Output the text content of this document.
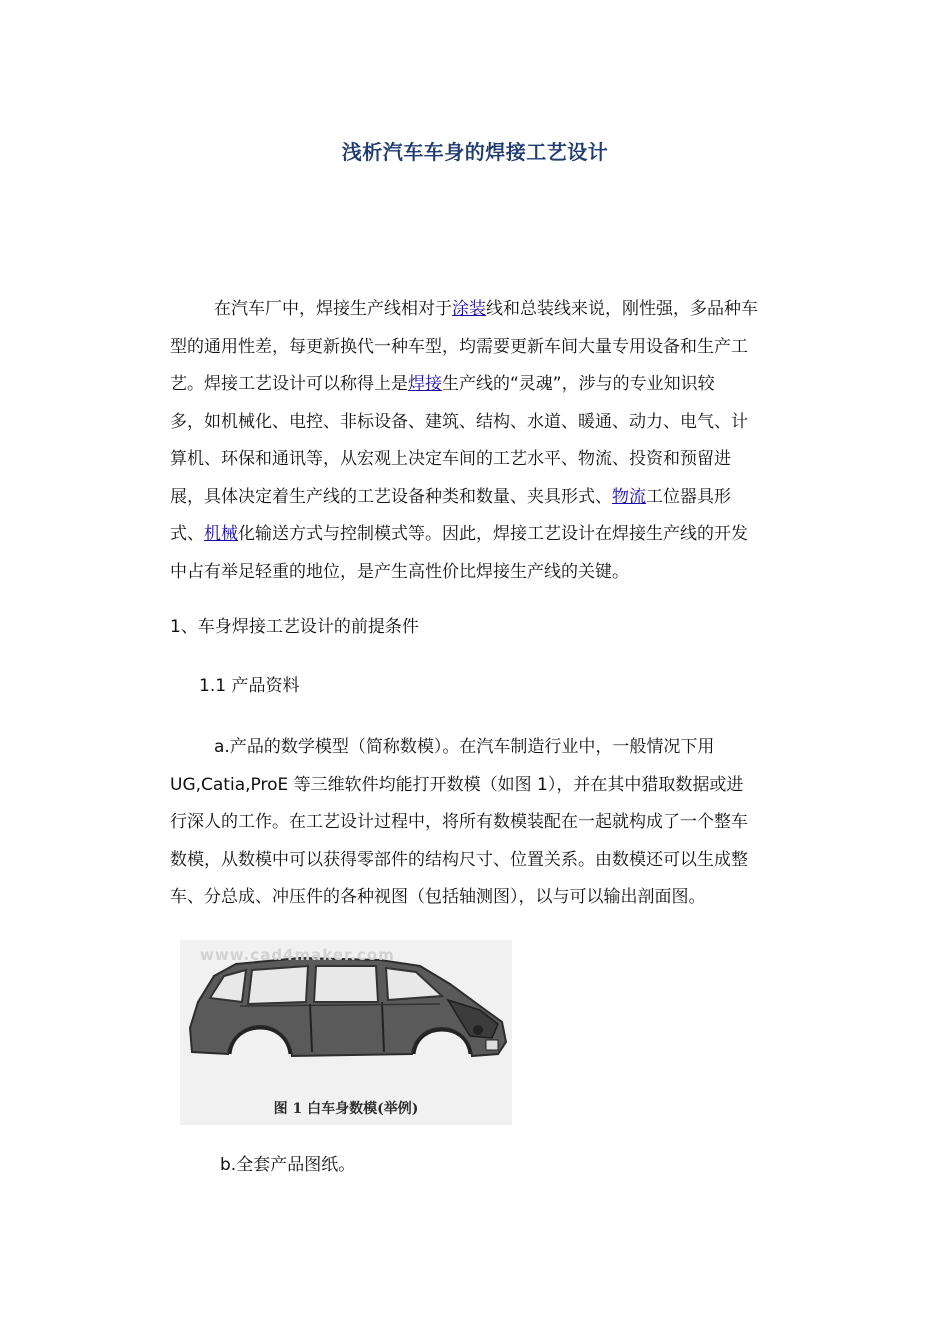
浅析汽车车身的焊接工艺设计
在汽车厂中，焊接生产线相对于涂装线和总装线来说，刚性强，多品种车
型的通用性差，每更新换代一种车型，均需要更新车间大量专用设备和生产工
艺。焊接工艺设计可以称得上是焊接生产线的“灵魂”，涉与的专业知识较
多，如机械化、电控、非标设备、建筑、结构、水道、暖通、动力、电气、计
算机、环保和通讯等，从宏观上决定车间的工艺水平、物流、投资和预留进
展，具体决定着生产线的工艺设备种类和数量、夹具形式、物流工位器具形
式、机械化输送方式与控制模式等。因此，焊接工艺设计在焊接生产线的开发
中占有举足轻重的地位，是产生高性价比焊接生产线的关键。
1、车身焊接工艺设计的前提条件
1.1 产品资料
a.产品的数学模型（简称数模）。在汽车制造行业中，一般情况下用
UG,Catia,ProE 等三维软件均能打开数模（如图 1），并在其中猎取数据或进
行深人的工作。在工艺设计过程中，将所有数模装配在一起就构成了一个整车
数模，从数模中可以获得零部件的结构尺寸、位置关系。由数模还可以生成整
车、分总成、冲压件的各种视图（包括轴测图），以与可以输出剖面图。
www.cad4maker.com
图 1 白车身数模(举例)
b.全套产品图纸。
